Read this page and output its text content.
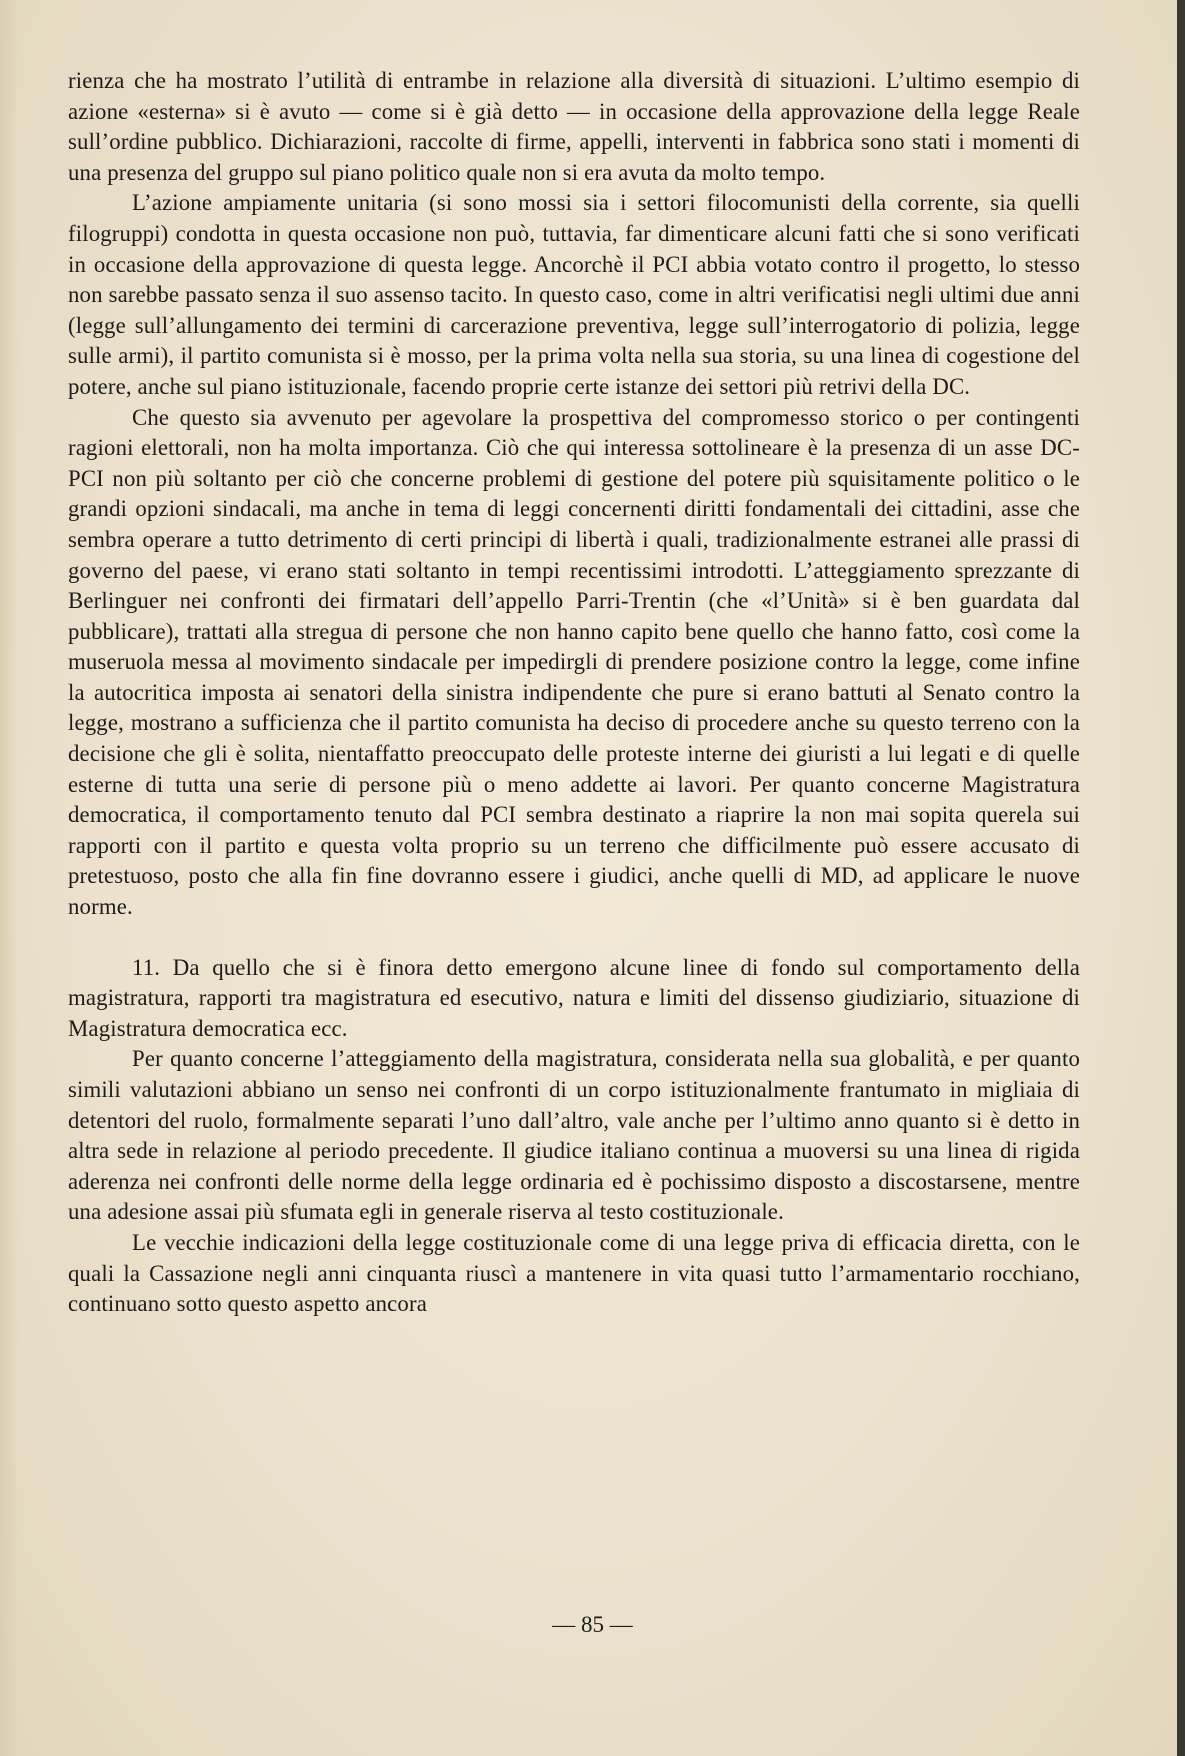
rienza che ha mostrato l’utilità di entrambe in relazione alla diversità di situazioni. L’ultimo esempio di azione «esterna» si è avuto — come si è già detto — in occasione della approvazione della legge Reale sull’ordine pubblico. Dichiarazioni, raccolte di firme, appelli, interventi in fabbrica sono stati i momenti di una presenza del gruppo sul piano politico quale non si era avuta da molto tempo.

L’azione ampiamente unitaria (si sono mossi sia i settori filocomunisti della corrente, sia quelli filogruppi) condotta in questa occasione non può, tuttavia, far dimenticare alcuni fatti che si sono verificati in occasione della approvazione di questa legge. Ancorchè il PCI abbia votato contro il progetto, lo stesso non sarebbe passato senza il suo assenso tacito. In questo caso, come in altri verificatisi negli ultimi due anni (legge sull’allungamento dei termini di carcerazione preventiva, legge sull’interrogatorio di polizia, legge sulle armi), il partito comunista si è mosso, per la prima volta nella sua storia, su una linea di cogestione del potere, anche sul piano istituzionale, facendo proprie certe istanze dei settori più retrivi della DC.

Che questo sia avvenuto per agevolare la prospettiva del compromesso storico o per contingenti ragioni elettorali, non ha molta importanza. Ciò che qui interessa sottolineare è la presenza di un asse DC-PCI non più soltanto per ciò che concerne problemi di gestione del potere più squisitamente politico o le grandi opzioni sindacali, ma anche in tema di leggi concernenti diritti fondamentali dei cittadini, asse che sembra operare a tutto detrimento di certi principi di libertà i quali, tradizionalmente estranei alle prassi di governo del paese, vi erano stati soltanto in tempi recentissimi introdotti. L’atteggiamento sprezzante di Berlinguer nei confronti dei firmatari dell’appello Parri-Trentin (che «l’Unità» si è ben guardata dal pubblicare), trattati alla stregua di persone che non hanno capito bene quello che hanno fatto, così come la museruola messa al movimento sindacale per impedirgli di prendere posizione contro la legge, come infine la autocritica imposta ai senatori della sinistra indipendente che pure si erano battuti al Senato contro la legge, mostrano a sufficienza che il partito comunista ha deciso di procedere anche su questo terreno con la decisione che gli è solita, nientaffatto preoccupato delle proteste interne dei giuristi a lui legati e di quelle esterne di tutta una serie di persone più o meno addette ai lavori. Per quanto concerne Magistratura democratica, il comportamento tenuto dal PCI sembra destinato a riaprire la non mai sopita querela sui rapporti con il partito e questa volta proprio su un terreno che difficilmente può essere accusato di pretestuoso, posto che alla fin fine dovranno essere i giudici, anche quelli di MD, ad applicare le nuove norme.

11. Da quello che si è finora detto emergono alcune linee di fondo sul comportamento della magistratura, rapporti tra magistratura ed esecutivo, natura e limiti del dissenso giudiziario, situazione di Magistratura democratica ecc.

Per quanto concerne l’atteggiamento della magistratura, considerata nella sua globalità, e per quanto simili valutazioni abbiano un senso nei confronti di un corpo istituzionalmente frantumato in migliaia di detentori del ruolo, formalmente separati l’uno dall’altro, vale anche per l’ultimo anno quanto si è detto in altra sede in relazione al periodo precedente. Il giudice italiano continua a muoversi su una linea di rigida aderenza nei confronti delle norme della legge ordinaria ed è pochissimo disposto a discostarsene, mentre una adesione assai più sfumata egli in generale riserva al testo costituzionale.

Le vecchie indicazioni della legge costituzionale come di una legge priva di efficacia diretta, con le quali la Cassazione negli anni cinquanta riuscì a mantenere in vita quasi tutto l’armamentario rocchiano, continuano sotto questo aspetto ancora

— 85 —
